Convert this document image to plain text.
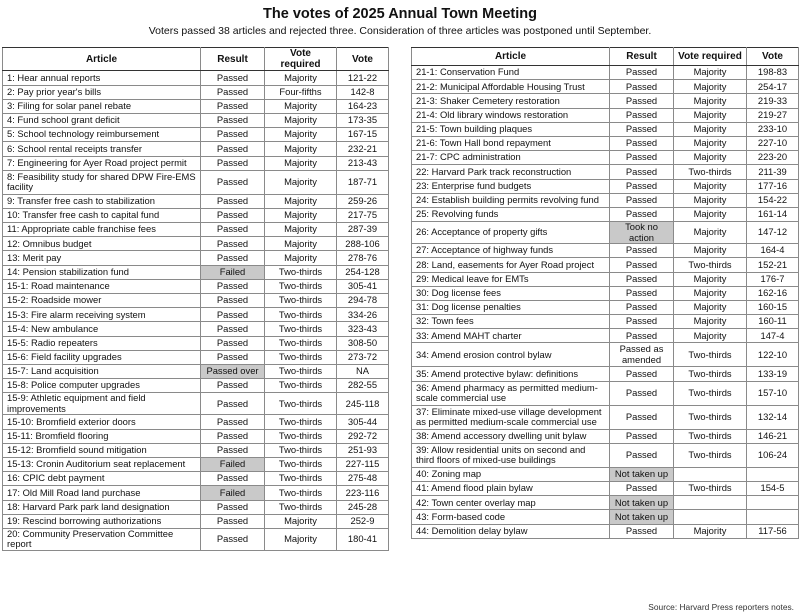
The votes of 2025 Annual Town Meeting
Voters passed 38 articles and rejected three. Consideration of three articles was postponed until September.
Article	Result	Vote required	Vote
1: Hear annual reports	Passed	Majority	121-22
2: Pay prior year's bills	Passed	Four-fifths	142-8
3: Filing for solar panel rebate	Passed	Majority	164-23
4: Fund school grant deficit	Passed	Majority	173-35
5: School technology reimbursement	Passed	Majority	167-15
6: School rental receipts transfer	Passed	Majority	232-21
7: Engineering for Ayer Road project permit	Passed	Majority	213-43
8: Feasibility study for shared DPW Fire-EMS facility	Passed	Majority	187-71
9: Transfer free cash to stabilization	Passed	Majority	259-26
10: Transfer free cash to capital fund	Passed	Majority	217-75
11: Appropriate cable franchise fees	Passed	Majority	287-39
12: Omnibus budget	Passed	Majority	288-106
13: Merit pay	Passed	Majority	278-76
14: Pension stabilization fund	Failed	Two-thirds	254-128
15-1: Road maintenance	Passed	Two-thirds	305-41
15-2: Roadside mower	Passed	Two-thirds	294-78
15-3: Fire alarm receiving system	Passed	Two-thirds	334-26
15-4: New ambulance	Passed	Two-thirds	323-43
15-5: Radio repeaters	Passed	Two-thirds	308-50
15-6: Field facility upgrades	Passed	Two-thirds	273-72
15-7: Land acquisition	Passed over	Two-thirds	NA
15-8: Police computer upgrades	Passed	Two-thirds	282-55
15-9: Athletic equipment and field improvements	Passed	Two-thirds	245-118
15-10: Bromfield exterior doors	Passed	Two-thirds	305-44
15-11: Bromfield flooring	Passed	Two-thirds	292-72
15-12: Bromfield sound mitigation	Passed	Two-thirds	251-93
15-13: Cronin Auditorium seat replacement	Failed	Two-thirds	227-115
16: CPIC debt payment	Passed	Two-thirds	275-48
17: Old Mill Road land purchase	Failed	Two-thirds	223-116
18: Harvard Park park land designation	Passed	Two-thirds	245-28
19: Rescind borrowing authorizations	Passed	Majority	252-9
20: Community Preservation Committee report	Passed	Majority	180-41
Article	Result	Vote required	Vote
21-1: Conservation Fund	Passed	Majority	198-83
21-2: Municipal Affordable Housing Trust	Passed	Majority	254-17
21-3: Shaker Cemetery restoration	Passed	Majority	219-33
21-4: Old library windows restoration	Passed	Majority	219-27
21-5: Town building plaques	Passed	Majority	233-10
21-6: Town Hall bond repayment	Passed	Majority	227-10
21-7: CPC administration	Passed	Majority	223-20
22: Harvard Park track reconstruction	Passed	Two-thirds	211-39
23: Enterprise fund budgets	Passed	Majority	177-16
24: Establish building permits revolving fund	Passed	Majority	154-22
25: Revolving funds	Passed	Majority	161-14
26: Acceptance of property gifts	Took no action	Majority	147-12
27: Acceptance of highway funds	Passed	Majority	164-4
28: Land, easements for Ayer Road project	Passed	Two-thirds	152-21
29: Medical leave for EMTs	Passed	Majority	176-7
30: Dog license fees	Passed	Majority	162-16
31: Dog license penalties	Passed	Majority	160-15
32: Town fees	Passed	Majority	160-11
33: Amend MAHT charter	Passed	Majority	147-4
34: Amend erosion control bylaw	Passed as amended	Two-thirds	122-10
35: Amend protective bylaw: definitions	Passed	Two-thirds	133-19
36: Amend pharmacy as permitted medium-scale commercial use	Passed	Two-thirds	157-10
37: Eliminate mixed-use village development as permitted medium-scale commercial use	Passed	Two-thirds	132-14
38: Amend accessory dwelling unit bylaw	Passed	Two-thirds	146-21
39: Allow residential units on second and third floors of mixed-use buildings	Passed	Two-thirds	106-24
40: Zoning map	Not taken up		
41: Amend flood plain bylaw	Passed	Two-thirds	154-5
42: Town center overlay map	Not taken up		
43: Form-based code	Not taken up		
44: Demolition delay bylaw	Passed	Majority	117-56
Source: Harvard Press reporters notes.
